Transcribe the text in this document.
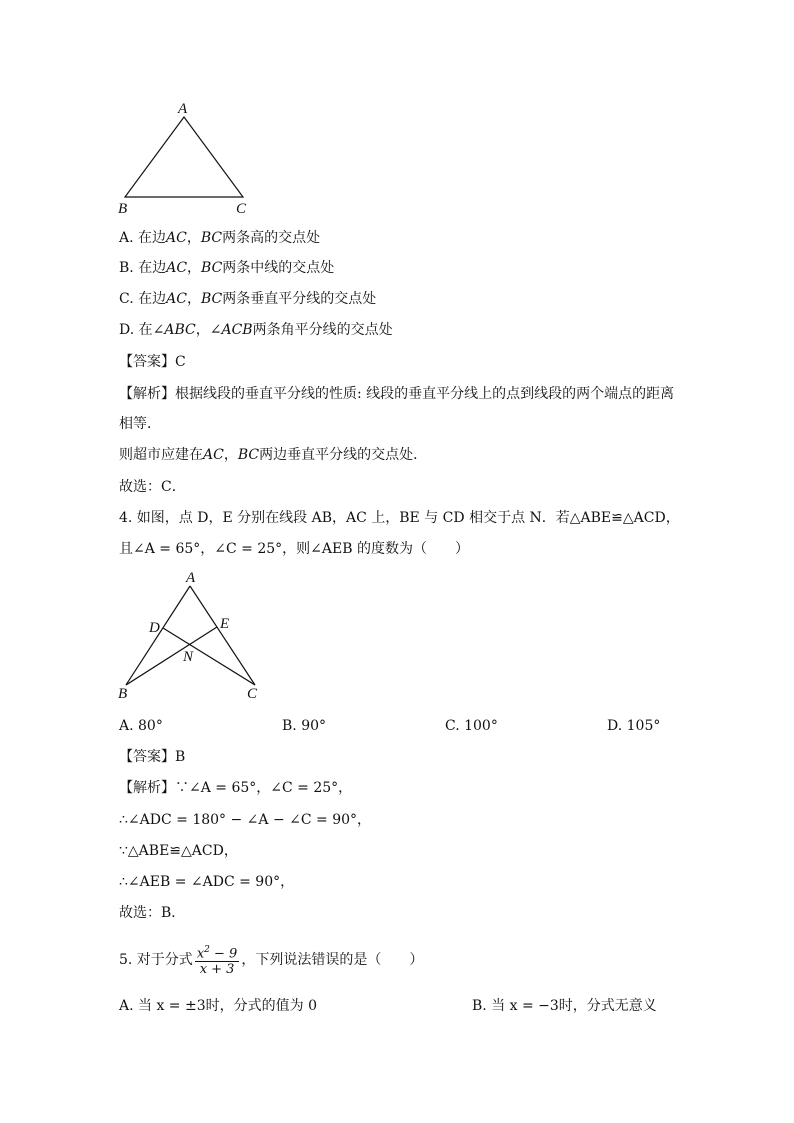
A
B	C
A. 在边AC，BC两条高的交点处
B. 在边AC，BC两条中线的交点处
C. 在边AC，BC两条垂直平分线的交点处
D. 在∠ABC，∠ACB两条角平分线的交点处
【答案】C
【解析】根据线段的垂直平分线的性质: 线段的垂直平分线上的点到线段的两个端点的距离
相等．
则超市应建在AC，BC两边垂直平分线的交点处．
故选：C．
4. 如图，点 D，E 分别在线段 AB，AC 上，BE 与 CD 相交于点 N．若△ABE≌△ACD，
且∠A = 65°，∠C = 25°，则∠AEB 的度数为（　　）
A
D	E
N
B	C
A. 80°	B. 90°	C. 100°	D. 105°
【答案】B
【解析】∵∠A = 65°，∠C = 25°，
∴∠ADC = 180° − ∠A − ∠C = 90°，
∵△ABE≌△ACD，
∴∠AEB = ∠ADC = 90°，
故选：B．
5. 对于分式 $\frac{x^2 - 9}{x + 3}$ ，下列说法错误的是（　　）
A. 当 x = ±3时，分式的值为 0	B. 当 x = −3时，分式无意义
